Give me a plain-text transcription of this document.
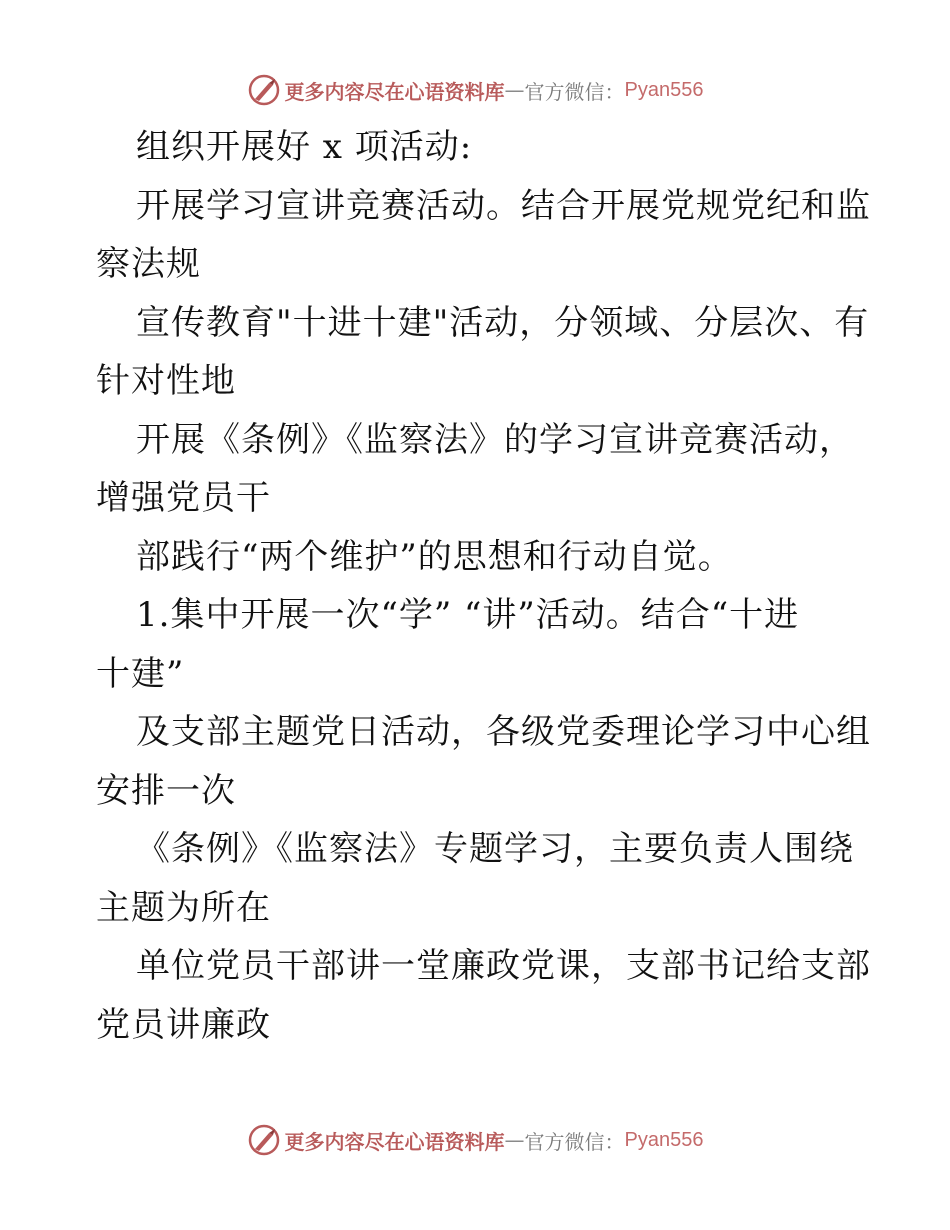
更多内容尽在心语资料库 — 官方微信： Pyan556
组织开展好 x 项活动:
开展学习宣讲竞赛活动。结合开展党规党纪和监
察法规
宣传教育"十进十建"活动，分领域、分层次、有
针对性地
开展《条例》《监察法》的学习宣讲竞赛活动，
增强党员干
部践行“两个维护”的思想和行动自觉。
1.集中开展一次“学” “讲”活动。结合“十进
十建”
及支部主题党日活动，各级党委理论学习中心组
安排一次
《条例》《监察法》专题学习，主要负责人围绕
主题为所在
单位党员干部讲一堂廉政党课，支部书记给支部
党员讲廉政
更多内容尽在心语资料库 — 官方微信： Pyan556
